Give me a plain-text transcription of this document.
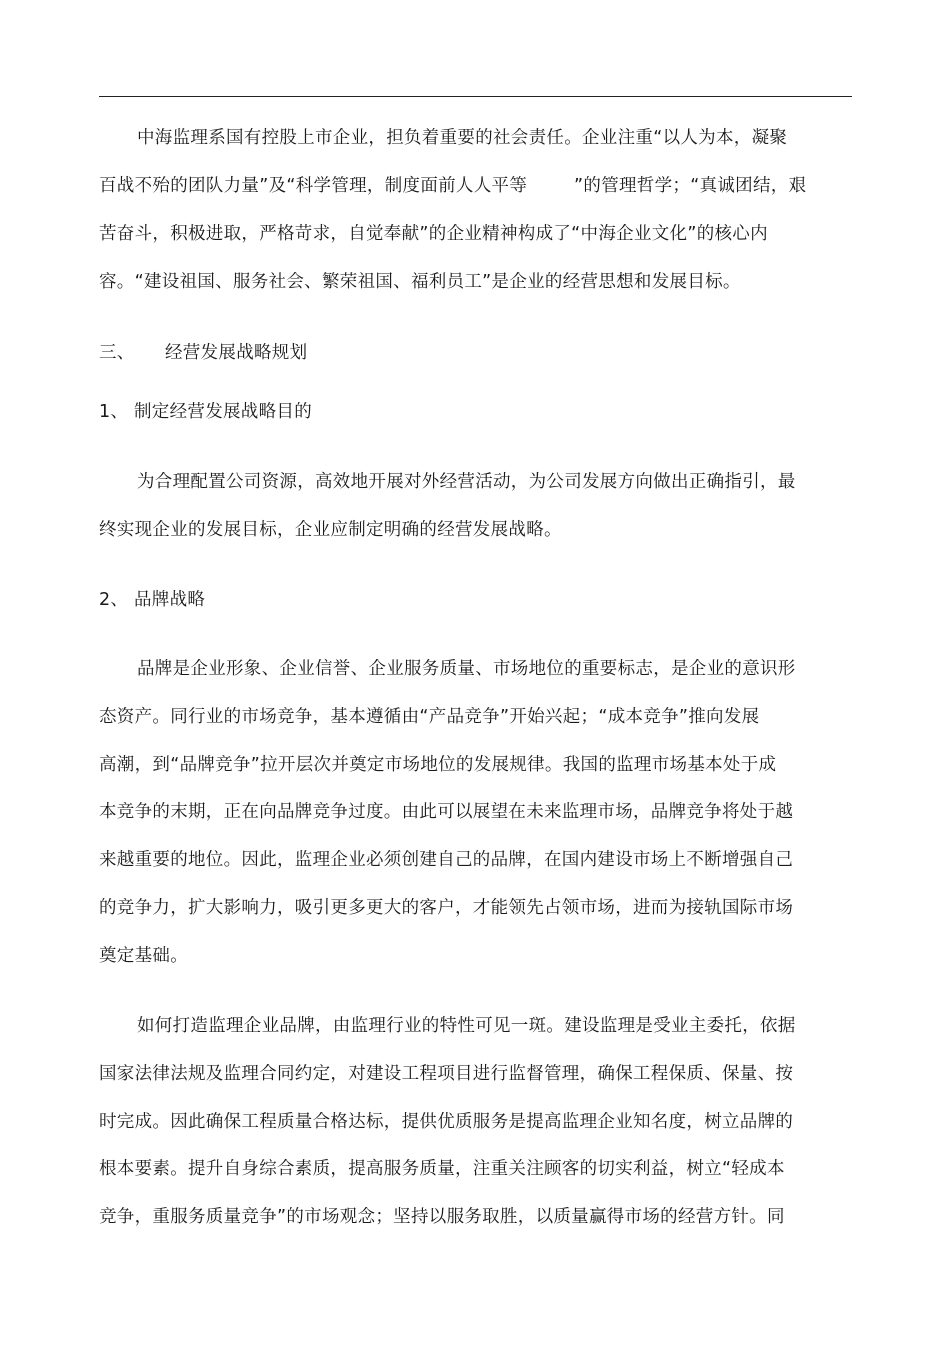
中海监理系国有控股上市企业，担负着重要的社会责任。企业注重“以人为本，凝聚
百战不殆的团队力量”及“科学管理，制度面前人人平等        ”的管理哲学；“真诚团结，艰
苦奋斗，积极进取，严格苛求，自觉奉献”的企业精神构成了“中海企业文化”的核心内
容。“建设祖国、服务社会、繁荣祖国、福利员工”是企业的经营思想和发展目标。
三、 经营发展战略规划
1、 制定经营发展战略目的
为合理配置公司资源，高效地开展对外经营活动，为公司发展方向做出正确指引，最
终实现企业的发展目标，企业应制定明确的经营发展战略。
2、 品牌战略
品牌是企业形象、企业信誉、企业服务质量、市场地位的重要标志，是企业的意识形
态资产。同行业的市场竞争，基本遵循由“产品竞争”开始兴起；“成本竞争”推向发展
高潮，到“品牌竞争”拉开层次并奠定市场地位的发展规律。我国的监理市场基本处于成
本竞争的末期，正在向品牌竞争过度。由此可以展望在未来监理市场，品牌竞争将处于越
来越重要的地位。因此，监理企业必须创建自己的品牌，在国内建设市场上不断增强自己
的竞争力，扩大影响力，吸引更多更大的客户，才能领先占领市场，进而为接轨国际市场
奠定基础。
如何打造监理企业品牌，由监理行业的特性可见一斑。建设监理是受业主委托，依据
国家法律法规及监理合同约定，对建设工程项目进行监督管理，确保工程保质、保量、按
时完成。因此确保工程质量合格达标，提供优质服务是提高监理企业知名度，树立品牌的
根本要素。提升自身综合素质，提高服务质量，注重关注顾客的切实利益，树立“轻成本
竞争，重服务质量竞争”的市场观念；坚持以服务取胜，以质量赢得市场的经营方针。同
